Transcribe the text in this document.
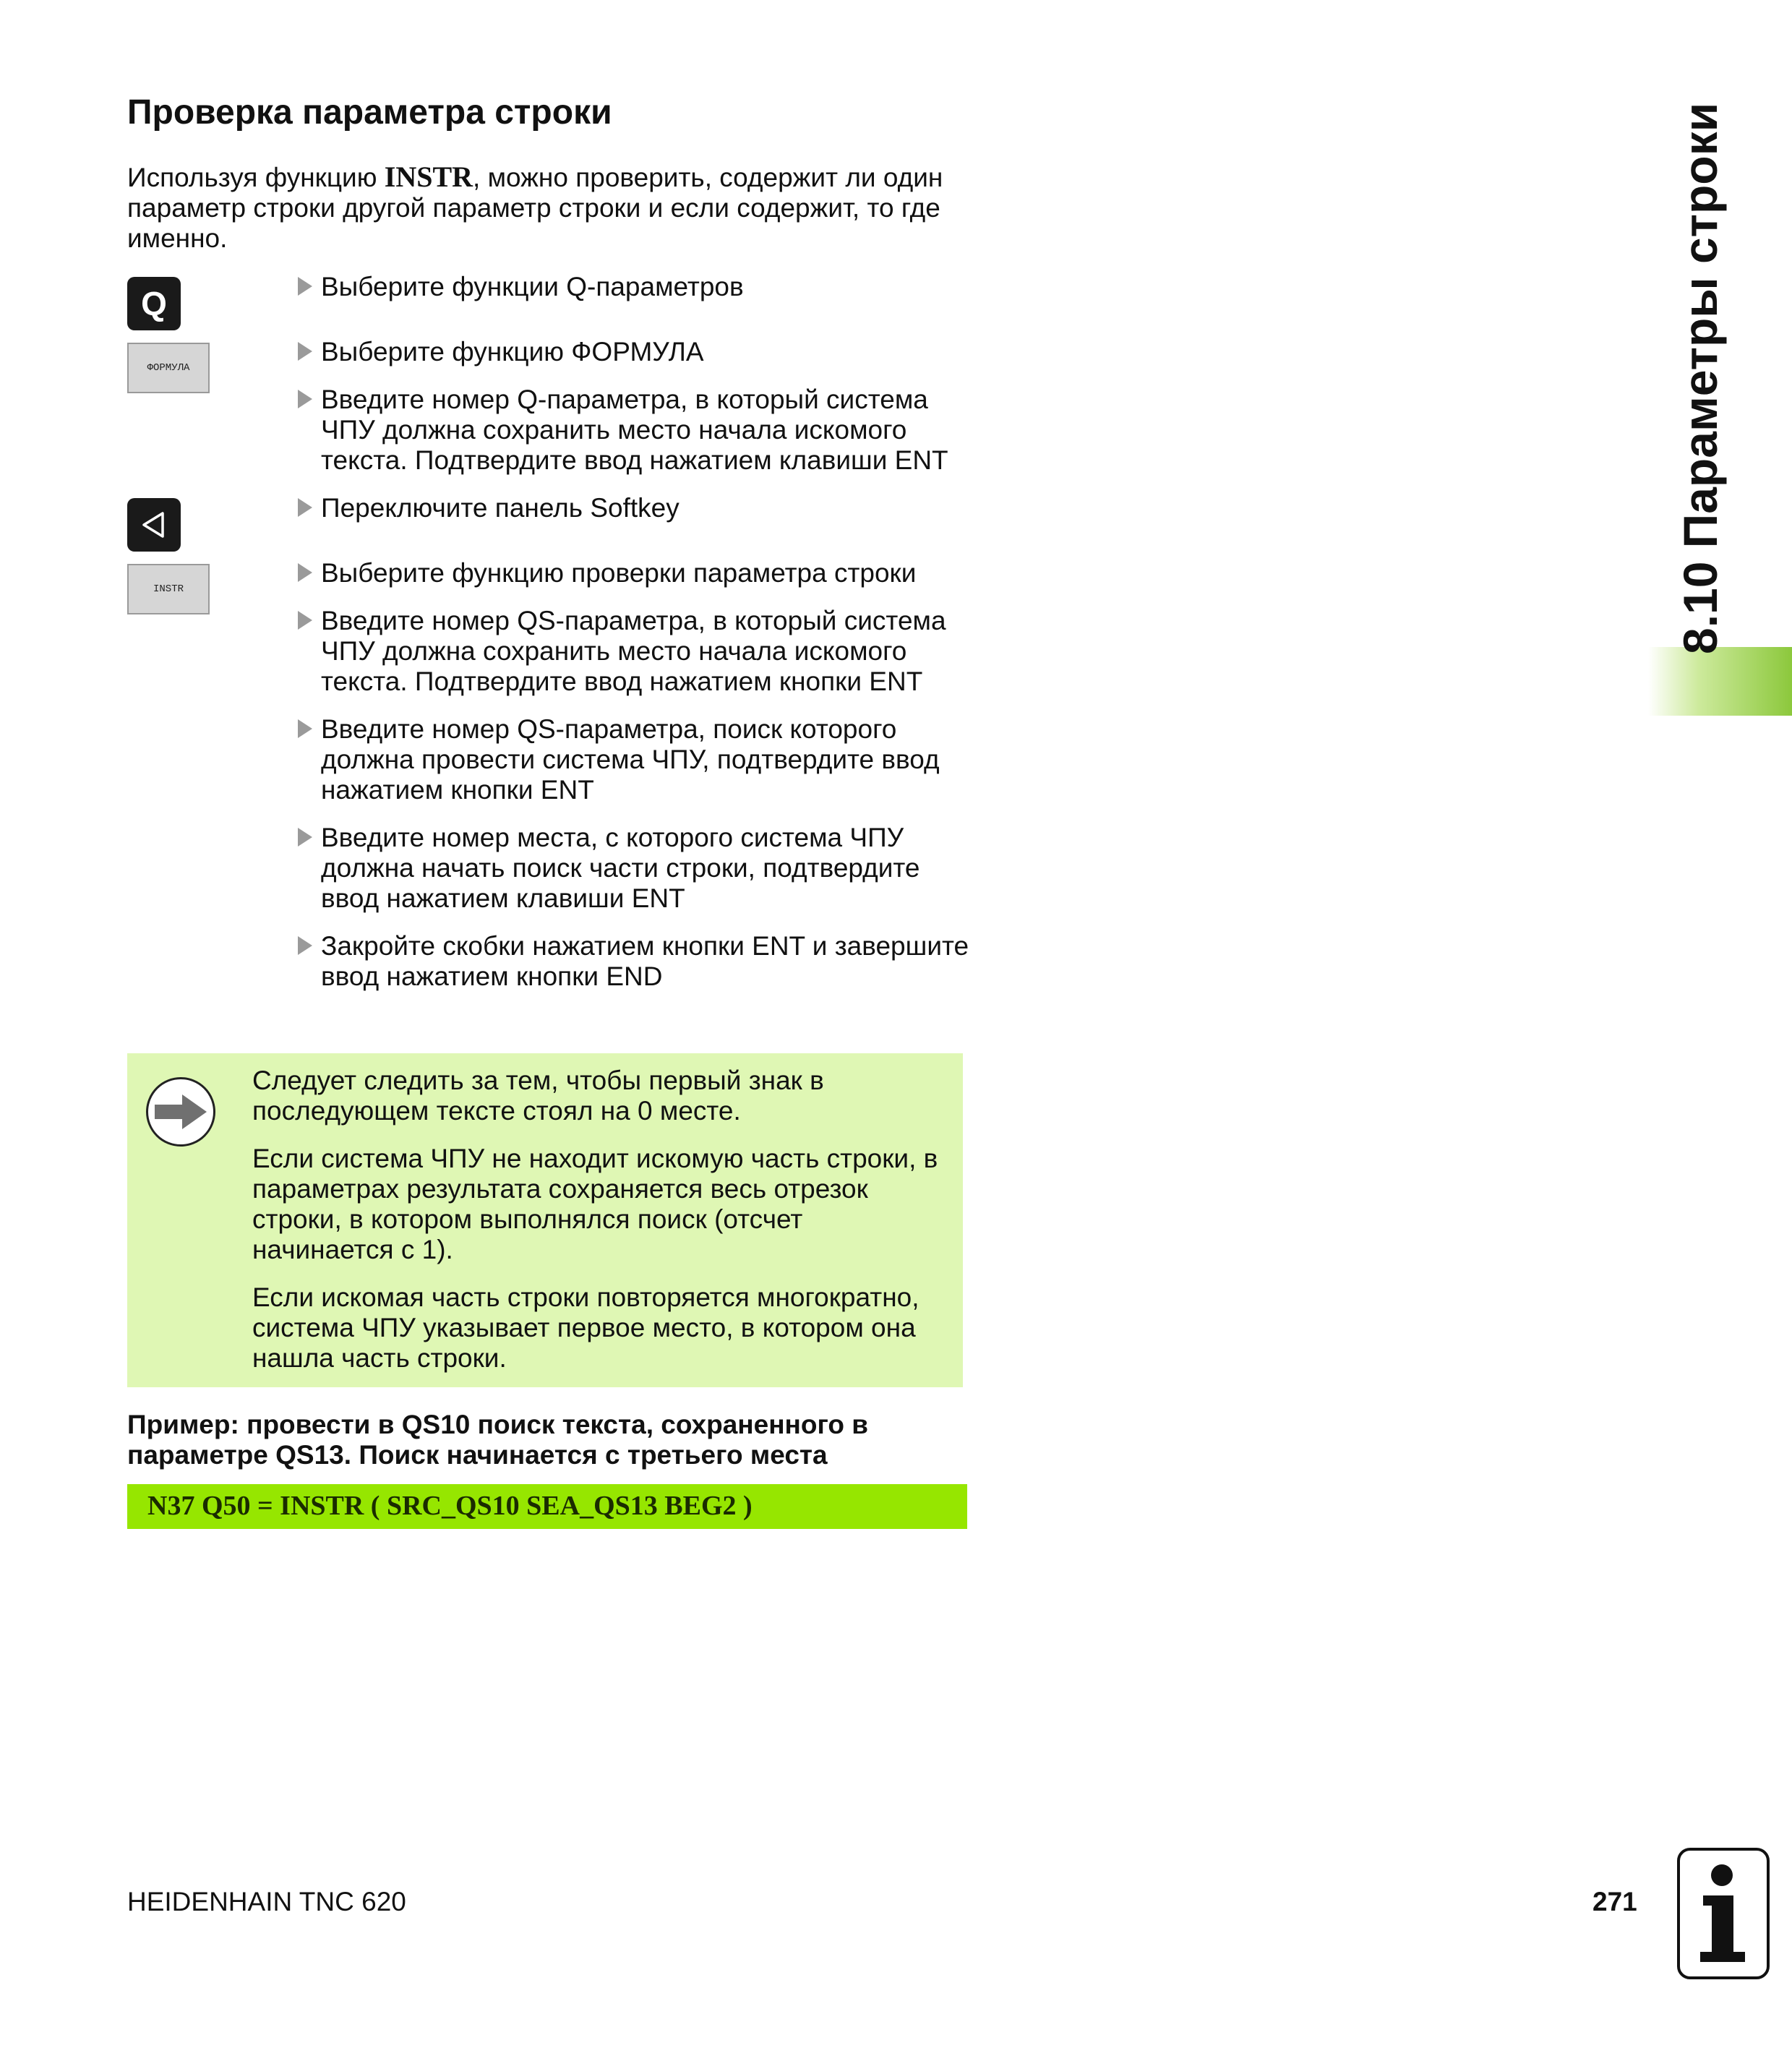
Проверка параметра строки
Используя функцию INSTR, можно проверить, содержит ли один параметр строки другой параметр строки и если содержит, то где именно.
Q
ФОРМУЛА
INSTR
Выберите функции Q-параметров
Выберите функцию ФОРМУЛА
Введите номер Q-параметра, в который система ЧПУ должна сохранить место начала искомого текста. Подтвердите ввод нажатием клавиши ENT
Переключите панель Softkey
Выберите функцию проверки параметра строки
Введите номер QS-параметра, в который система ЧПУ должна сохранить место начала искомого текста. Подтвердите ввод нажатием кнопки ENT
Введите номер QS-параметра, поиск которого должна провести система ЧПУ, подтвердите ввод нажатием кнопки ENT
Введите номер места, с которого система ЧПУ должна начать поиск части строки, подтвердите ввод нажатием клавиши ENT
Закройте скобки нажатием кнопки ENT и завершите ввод нажатием кнопки END
Следует следить за тем, чтобы первый знак в последующем тексте стоял на 0 месте.
Если система ЧПУ не находит искомую часть строки, в параметрах результата сохраняется весь отрезок строки, в котором выполнялся поиск (отсчет начинается с 1).
Если искомая часть строки повторяется многократно, система ЧПУ указывает первое место, в котором она нашла часть строки.
Пример: провести в QS10 поиск текста, сохраненного в параметре QS13. Поиск начинается с третьего места
N37 Q50 = INSTR ( SRC_QS10 SEA_QS13 BEG2 )
8.10 Параметры строки
HEIDENHAIN TNC 620	271
